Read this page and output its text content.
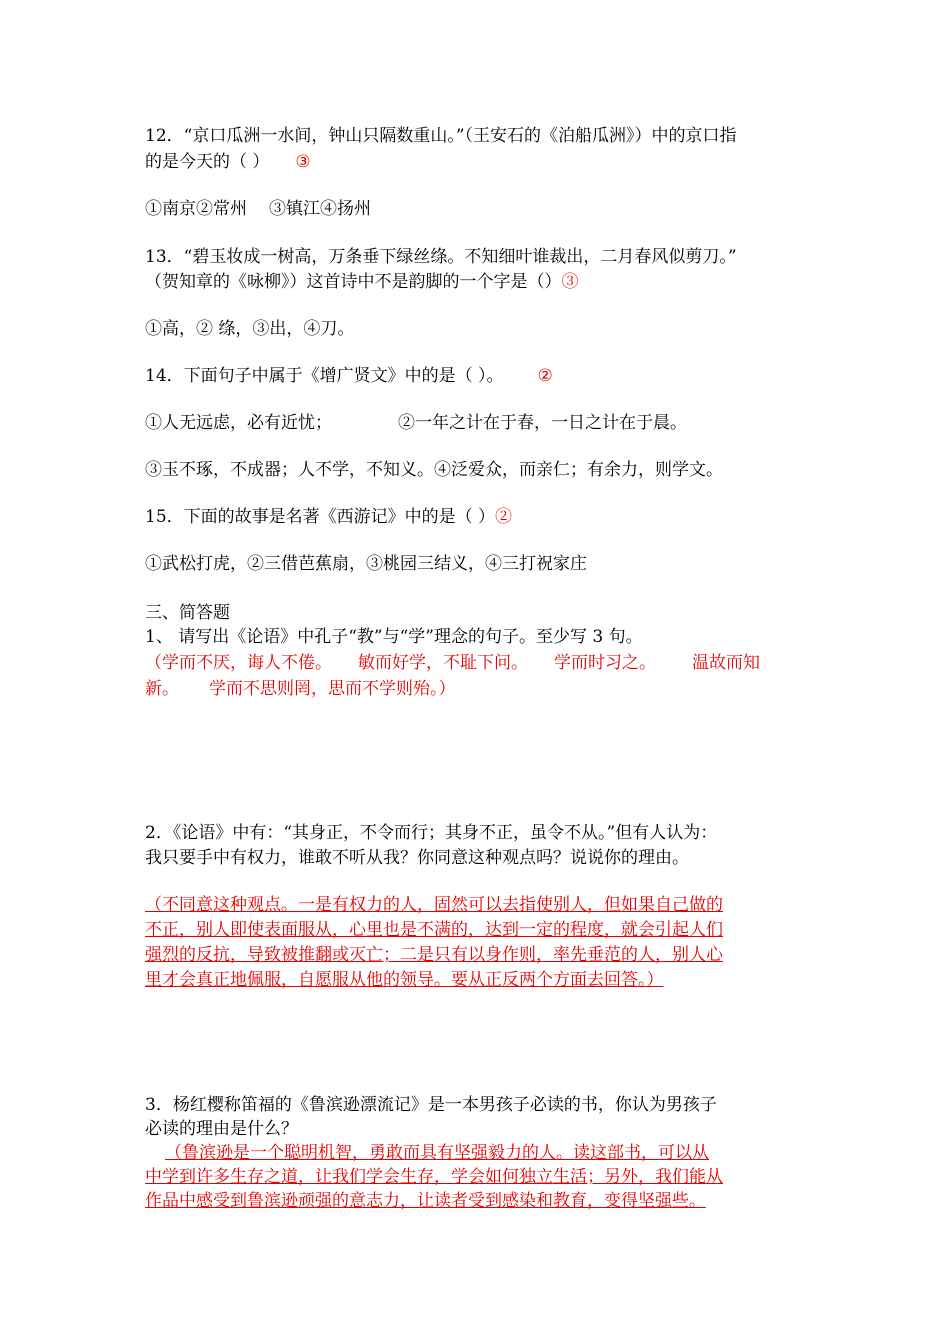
12．“京口瓜洲一水间，钟山只隔数重山。”（王安石的《泊船瓜洲》）中的京口指
的是今天的（ ） ③
①南京②常州 ③镇江④扬州
13．“碧玉妆成一树高，万条垂下绿丝绦。不知细叶谁裁出，二月春风似剪刀。”
（贺知章的《咏柳》）这首诗中不是韵脚的一个字是（）③
①高，② 绦，③出，④刀。
14．下面句子中属于《增广贤文》中的是（ ）。 ②
①人无远虑，必有近忧；	②一年之计在于春，一日之计在于晨。
③玉不琢，不成器；人不学，不知义。④泛爱众，而亲仁；有余力，则学文。
15．下面的故事是名著《西游记》中的是（ ）②
①武松打虎，②三借芭蕉扇，③桃园三结义，④三打祝家庄
三、简答题
1、 请写出《论语》中孔子“教”与“学”理念的句子。至少写 3 句。
（学而不厌，诲人不倦。 敏而好学，不耻下问。 学而时习之。 温故而知
新。 学而不思则罔，思而不学则殆。）
2．《论语》中有：“其身正，不令而行；其身不正，虽令不从。”但有人认为：
我只要手中有权力，谁敢不听从我？你同意这种观点吗？说说你的理由。
（不同意这种观点。一是有权力的人，固然可以去指使别人，但如果自己做的
不正，别人即使表面服从，心里也是不满的，达到一定的程度，就会引起人们
强烈的反抗，导致被推翻或灭亡；二是只有以身作则，率先垂范的人，别人心
里才会真正地佩服，自愿服从他的领导。要从正反两个方面去回答。）
3．杨红樱称笛福的《鲁滨逊漂流记》是一本男孩子必读的书，你认为男孩子
必读的理由是什么？
（鲁滨逊是一个聪明机智，勇敢而具有坚强毅力的人。读这部书，可以从
中学到许多生存之道，让我们学会生存，学会如何独立生活；另外，我们能从
作品中感受到鲁滨逊顽强的意志力，让读者受到感染和教育，变得坚强些。
